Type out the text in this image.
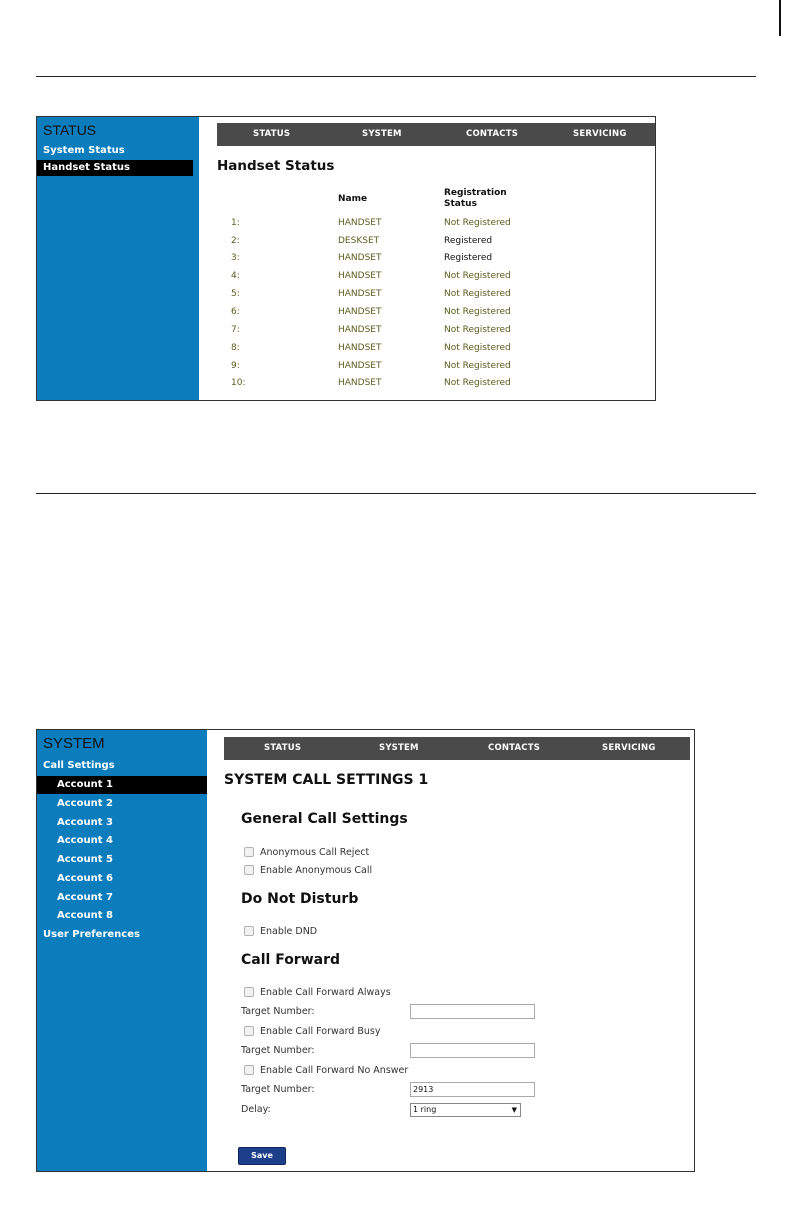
STATUS
System Status
Handset Status
STATUS	SYSTEM	CONTACTS	SERVICING
Handset Status
Name
Registration
Status
1:	HANDSET	Not Registered
2:	DESKSET	Registered
3:	HANDSET	Registered
4:	HANDSET	Not Registered
5:	HANDSET	Not Registered
6:	HANDSET	Not Registered
7:	HANDSET	Not Registered
8:	HANDSET	Not Registered
9:	HANDSET	Not Registered
10:	HANDSET	Not Registered
SYSTEM
Call Settings
Account 1
Account 2
Account 3
Account 4
Account 5
Account 6
Account 7
Account 8
User Preferences
STATUS	SYSTEM	CONTACTS	SERVICING
SYSTEM CALL SETTINGS 1
General Call Settings
Anonymous Call Reject
Enable Anonymous Call
Do Not Disturb
Enable DND
Call Forward
Enable Call Forward Always
Target Number:
Enable Call Forward Busy
Target Number:
Enable Call Forward No Answer
Target Number:	2913
Delay:	1 ring	▼
Save
